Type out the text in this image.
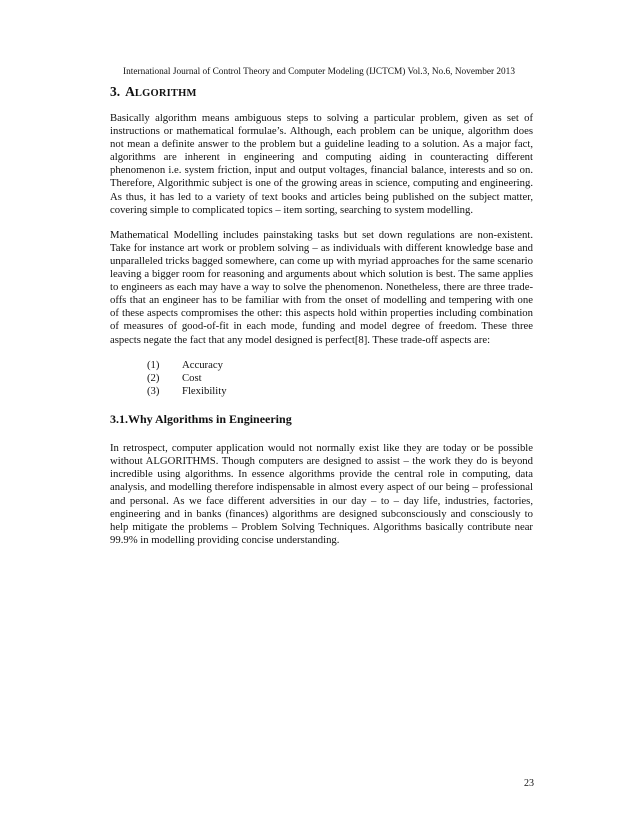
International Journal of Control Theory and Computer Modeling (IJCTCM) Vol.3, No.6, November 2013
3. ALGORITHM

Basically algorithm means ambiguous steps to solving a particular problem, given as set of instructions or mathematical formulae’s. Although, each problem can be unique, algorithm does not mean a definite answer to the problem but a guideline leading to a solution. As a major fact, algorithms are inherent in engineering and computing aiding in counteracting different phenomenon i.e. system friction, input and output voltages, financial balance, interests and so on. Therefore, Algorithmic subject is one of the growing areas in science, computing and engineering. As thus, it has led to a variety of text books and articles being published on the subject matter, covering simple to complicated topics – item sorting, searching to system modelling.

Mathematical Modelling includes painstaking tasks but set down regulations are non-existent. Take for instance art work or problem solving – as individuals with different knowledge base and unparalleled tricks bagged somewhere, can come up with myriad approaches for the same scenario leaving a bigger room for reasoning and arguments about which solution is best. The same applies to engineers as each may have a way to solve the phenomenon. Nonetheless, there are three trade-offs that an engineer has to be familiar with from the onset of modelling and tempering with one of these aspects compromises the other: this aspects hold within properties including combination of measures of good-of-fit in each mode, funding and model degree of freedom. These three aspects negate the fact that any model designed is perfect[8]. These trade-off aspects are:

(1)	Accuracy
(2)	Cost
(3)	Flexibility
3.1.Why Algorithms in Engineering

In retrospect, computer application would not normally exist like they are today or be possible without ALGORITHMS. Though computers are designed to assist – the work they do is beyond incredible using algorithms. In essence algorithms provide the central role in computing, data analysis, and modelling therefore indispensable in almost every aspect of our being – professional and personal. As we face different adversities in our day – to – day life, industries, factories, engineering and in banks (finances) algorithms are designed subconsciously and consciously to help mitigate the problems – Problem Solving Techniques. Algorithms basically contribute near 99.9% in modelling providing concise understanding.

23
